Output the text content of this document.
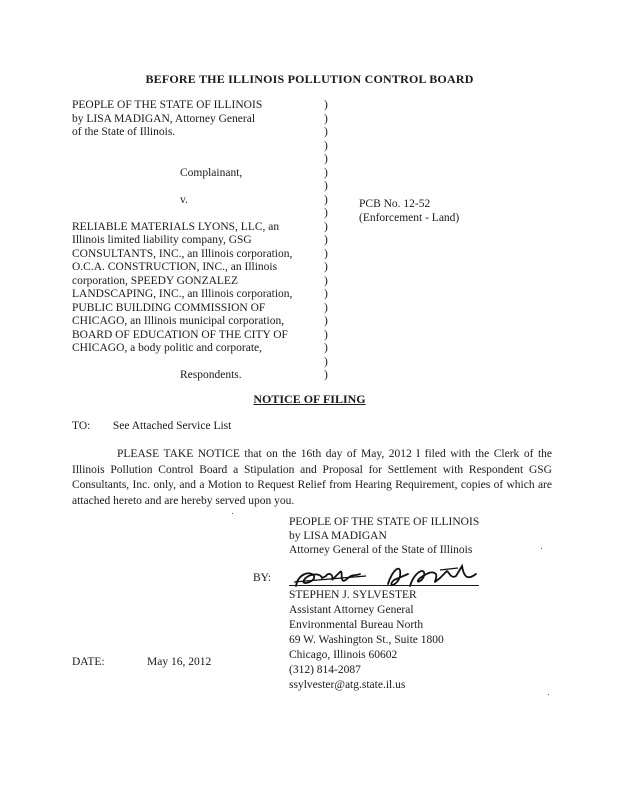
BEFORE THE ILLINOIS POLLUTION CONTROL BOARD
PEOPLE OF THE STATE OF ILLINOIS
by LISA MADIGAN, Attorney General
of the State of Illinois.
Complainant,
v.
RELIABLE MATERIALS LYONS, LLC, an
Illinois limited liability company, GSG
CONSULTANTS, INC., an Illinois corporation,
O.C.A. CONSTRUCTION, INC., an Illinois
corporation, SPEEDY GONZALEZ
LANDSCAPING, INC., an Illinois corporation,
PUBLIC BUILDING COMMISSION OF
CHICAGO, an Illinois municipal corporation,
BOARD OF EDUCATION OF THE CITY OF
CHICAGO, a body politic and corporate,
Respondents.
)
)
)
)
)
)
)
)
)
)
)
)
)
)
)
)
)
)
)
)
)
PCB No. 12-52
(Enforcement - Land)
NOTICE OF FILING
TO: See Attached Service List
PLEASE TAKE NOTICE that on the 16th day of May, 2012 I filed with the Clerk of the Illinois Pollution Control Board a Stipulation and Proposal for Settlement with Respondent GSG Consultants, Inc. only, and a Motion to Request Relief from Hearing Requirement, copies of which are attached hereto and are hereby served upon you.
PEOPLE OF THE STATE OF ILLINOIS
by LISA MADIGAN
Attorney General of the State of Illinois
BY:
STEPHEN J. SYLVESTER
Assistant Attorney General
Environmental Bureau North
69 W. Washington St., Suite 1800
Chicago, Illinois 60602
(312) 814-2087
ssylvester@atg.state.il.us
DATE:	May 16, 2012
